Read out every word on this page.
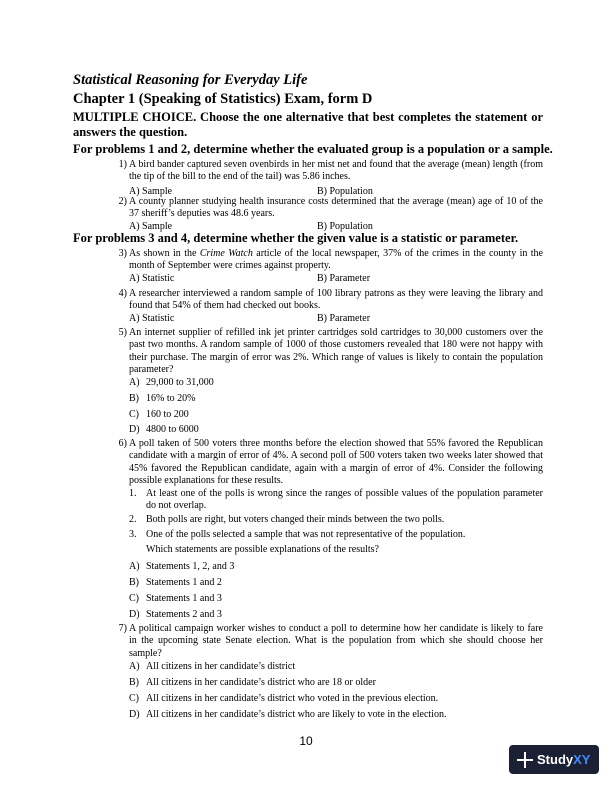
Statistical Reasoning for Everyday Life
Chapter 1 (Speaking of Statistics) Exam, form D
MULTIPLE CHOICE. Choose the one alternative that best completes the statement or answers the question.
For problems 1 and 2, determine whether the evaluated group is a population or a sample.
1) A bird bander captured seven ovenbirds in her mist net and found that the average (mean) length (from the tip of the bill to the end of the tail) was 5.86 inches.
A) Sample	B) Population
2) A county planner studying health insurance costs determined that the average (mean) age of 10 of the 37 sheriff’s deputies was 48.6 years.
A) Sample	B) Population
For problems 3 and 4, determine whether the given value is a statistic or parameter.
3) As shown in the Crime Watch article of the local newspaper, 37% of the crimes in the county in the month of September were crimes against property.
A) Statistic	B) Parameter
4) A researcher interviewed a random sample of 100 library patrons as they were leaving the library and found that 54% of them had checked out books.
A) Statistic	B) Parameter
5) An internet supplier of refilled ink jet printer cartridges sold cartridges to 30,000 customers over the past two months. A random sample of 1000 of those customers revealed that 180 were not happy with their purchase. The margin of error was 2%. Which range of values is likely to contain the population parameter?
A) 29,000 to 31,000
B) 16% to 20%
C) 160 to 200
D) 4800 to 6000
6) A poll taken of 500 voters three months before the election showed that 55% favored the Republican candidate with a margin of error of 4%. A second poll of 500 voters taken two weeks later showed that 45% favored the Republican candidate, again with a margin of error of 4%. Consider the following possible explanations for these results.
1. At least one of the polls is wrong since the ranges of possible values of the population parameter do not overlap.
2. Both polls are right, but voters changed their minds between the two polls.
3. One of the polls selected a sample that was not representative of the population.
Which statements are possible explanations of the results?
A) Statements 1, 2, and 3
B) Statements 1 and 2
C) Statements 1 and 3
D) Statements 2 and 3
7) A political campaign worker wishes to conduct a poll to determine how her candidate is likely to fare in the upcoming state Senate election. What is the population from which she should choose her sample?
A) All citizens in her candidate’s district
B) All citizens in her candidate’s district who are 18 or older
C) All citizens in her candidate’s district who voted in the previous election.
D) All citizens in her candidate’s district who are likely to vote in the election.
10
StudyXY
